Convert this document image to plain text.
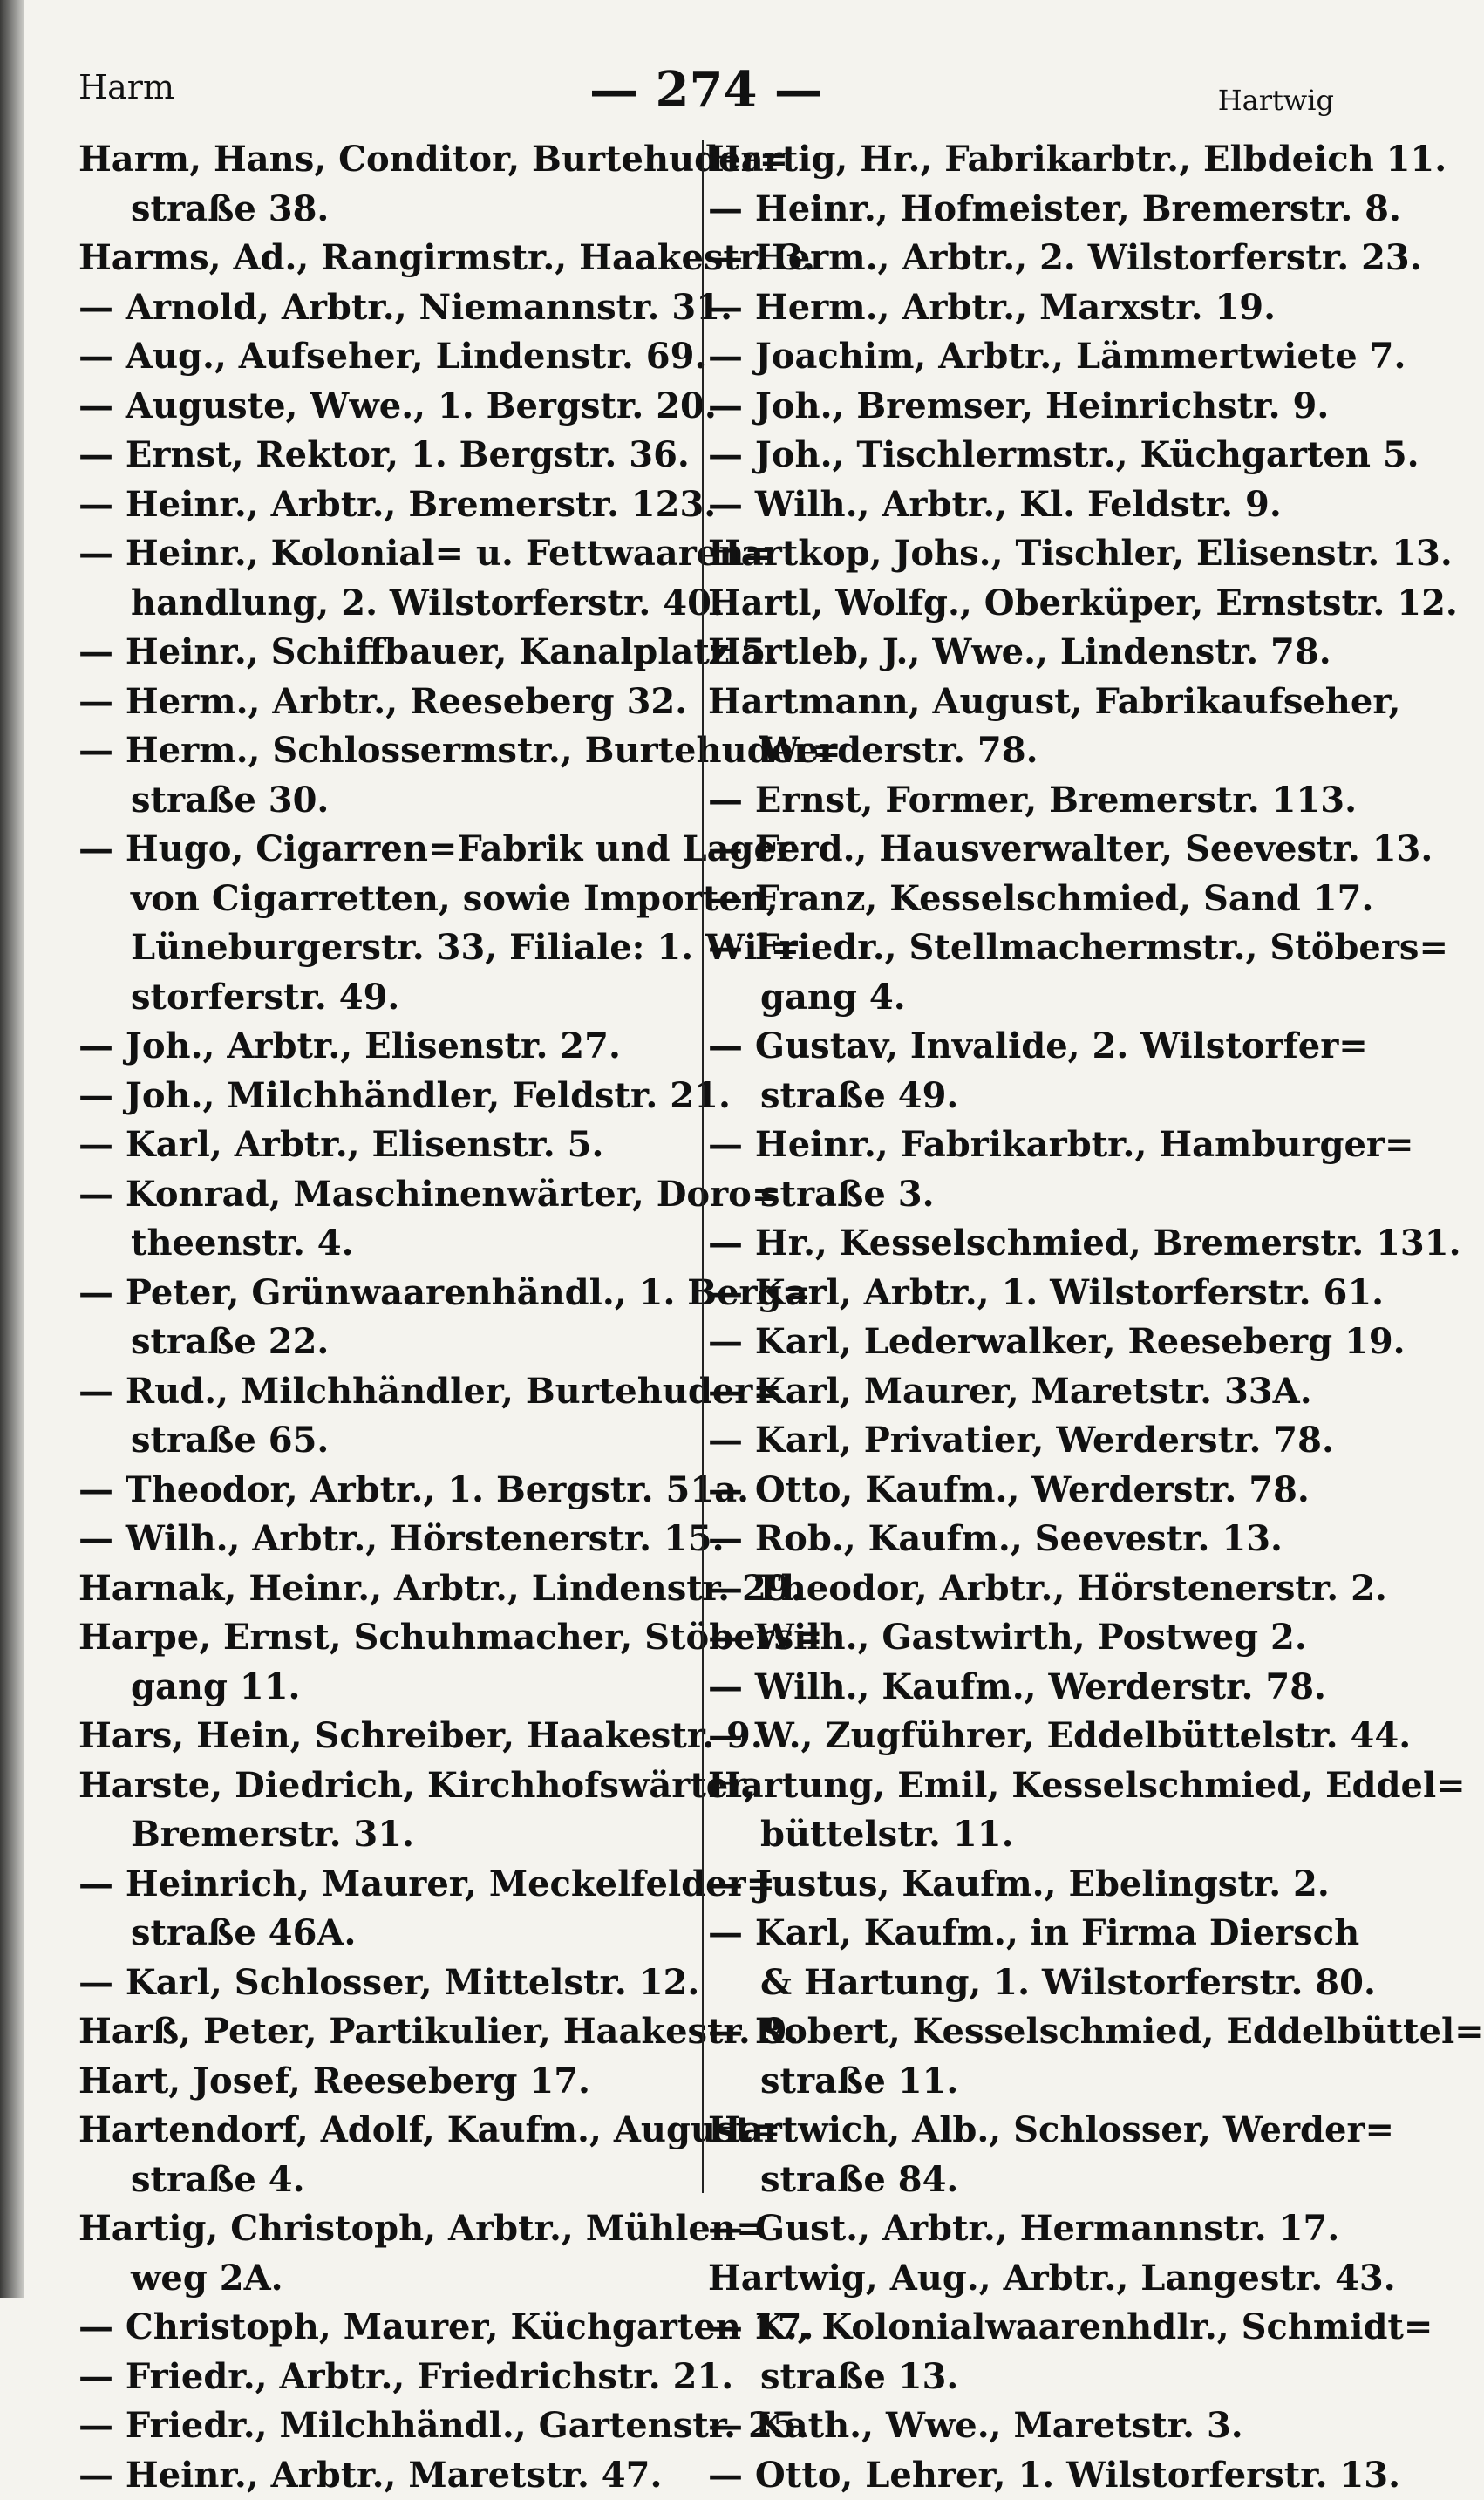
Harm	— 274 —	Hartwig
Harm, Hans, Conditor, Burtehuder=
straße 38.
Harms, Ad., Rangirmstr., Haakestr. 3.
— Arnold, Arbtr., Niemannstr. 31.
— Aug., Aufseher, Lindenstr. 69.
— Auguste, Wwe., 1. Bergstr. 20.
— Ernst, Rektor, 1. Bergstr. 36.
— Heinr., Arbtr., Bremerstr. 123.
— Heinr., Kolonial= u. Fettwaaren=
handlung, 2. Wilstorferstr. 40.
— Heinr., Schiffbauer, Kanalplatz 5.
— Herm., Arbtr., Reeseberg 32.
— Herm., Schlossermstr., Burtehuder=
straße 30.
— Hugo, Cigarren=Fabrik und Lager
von Cigarretten, sowie Importen,
Lüneburgerstr. 33, Filiale: 1. Wil=
storferstr. 49.
— Joh., Arbtr., Elisenstr. 27.
— Joh., Milchhändler, Feldstr. 21.
— Karl, Arbtr., Elisenstr. 5.
— Konrad, Maschinenwärter, Doro=
theenstr. 4.
— Peter, Grünwaarenhändl., 1. Berg=
straße 22.
— Rud., Milchhändler, Burtehuder=
straße 65.
— Theodor, Arbtr., 1. Bergstr. 51a.
— Wilh., Arbtr., Hörstenerstr. 15.
Harnak, Heinr., Arbtr., Lindenstr. 29.
Harpe, Ernst, Schuhmacher, Stöbers=
gang 11.
Hars, Hein, Schreiber, Haakestr. 9.
Harste, Diedrich, Kirchhofswärter,
Bremerstr. 31.
— Heinrich, Maurer, Meckelfelder=
straße 46A.
— Karl, Schlosser, Mittelstr. 12.
Harß, Peter, Partikulier, Haakestr. 9.
Hart, Josef, Reeseberg 17.
Hartendorf, Adolf, Kaufm., August=
straße 4.
Hartig, Christoph, Arbtr., Mühlen=
weg 2A.
— Christoph, Maurer, Küchgarten 17.
— Friedr., Arbtr., Friedrichstr. 21.
— Friedr., Milchhändl., Gartenstr. 25.
— Heinr., Arbtr., Maretstr. 47.
Hartig, Hr., Fabrikarbtr., Elbdeich 11.
— Heinr., Hofmeister, Bremerstr. 8.
— Herm., Arbtr., 2. Wilstorferstr. 23.
— Herm., Arbtr., Marxstr. 19.
— Joachim, Arbtr., Lämmertwiete 7.
— Joh., Bremser, Heinrichstr. 9.
— Joh., Tischlermstr., Küchgarten 5.
— Wilh., Arbtr., Kl. Feldstr. 9.
Hartkop, Johs., Tischler, Elisenstr. 13.
Hartl, Wolfg., Oberküper, Ernststr. 12.
Hartleb, J., Wwe., Lindenstr. 78.
Hartmann, August, Fabrikaufseher,
Werderstr. 78.
— Ernst, Former, Bremerstr. 113.
— Ferd., Hausverwalter, Seevestr. 13.
— Franz, Kesselschmied, Sand 17.
— Friedr., Stellmachermstr., Stöbers=
gang 4.
— Gustav, Invalide, 2. Wilstorfer=
straße 49.
— Heinr., Fabrikarbtr., Hamburger=
straße 3.
— Hr., Kesselschmied, Bremerstr. 131.
— Karl, Arbtr., 1. Wilstorferstr. 61.
— Karl, Lederwalker, Reeseberg 19.
— Karl, Maurer, Maretstr. 33A.
— Karl, Privatier, Werderstr. 78.
— Otto, Kaufm., Werderstr. 78.
— Rob., Kaufm., Seevestr. 13.
— Theodor, Arbtr., Hörstenerstr. 2.
— Wilh., Gastwirth, Postweg 2.
— Wilh., Kaufm., Werderstr. 78.
— W., Zugführer, Eddelbüttelstr. 44.
Hartung, Emil, Kesselschmied, Eddel=
büttelstr. 11.
— Justus, Kaufm., Ebelingstr. 2.
— Karl, Kaufm., in Firma Diersch
& Hartung, 1. Wilstorferstr. 80.
— Robert, Kesselschmied, Eddelbüttel=
straße 11.
Hartwich, Alb., Schlosser, Werder=
straße 84.
— Gust., Arbtr., Hermannstr. 17.
Hartwig, Aug., Arbtr., Langestr. 43.
— K., Kolonialwaarenhdlr., Schmidt=
straße 13.
— Kath., Wwe., Maretstr. 3.
— Otto, Lehrer, 1. Wilstorferstr. 13.
